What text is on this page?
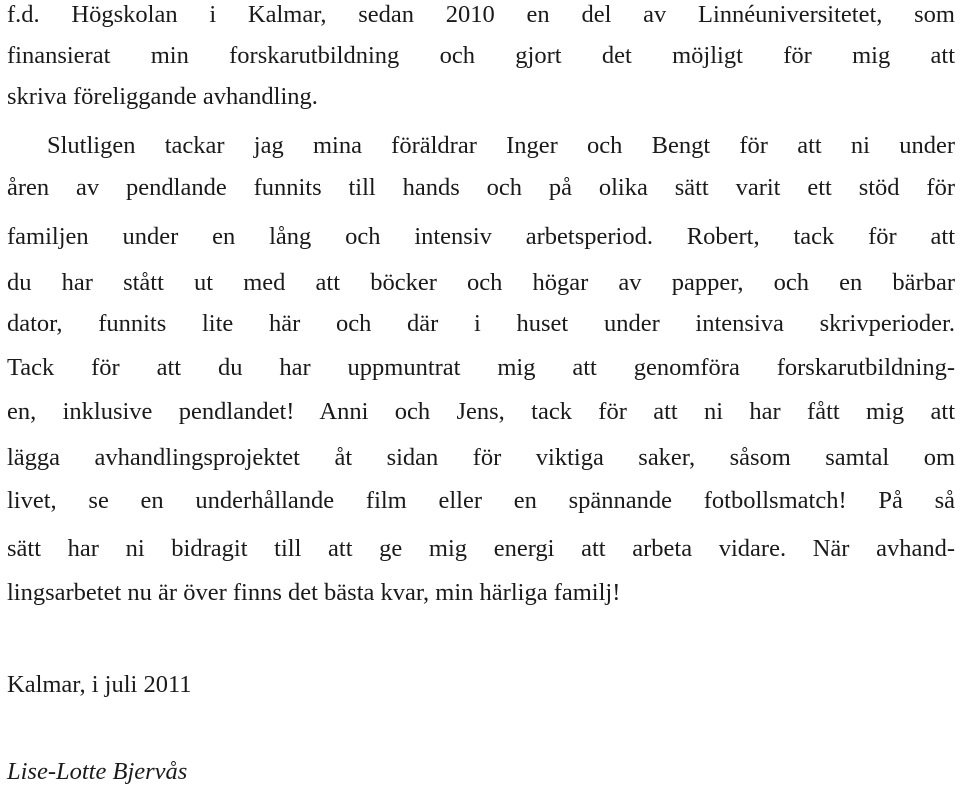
f.d. Högskolan i Kalmar, sedan 2010 en del av Linnéuniversitetet, som
finansierat min forskarutbildning och gjort det möjligt för mig att
skriva föreliggande avhandling.
Slutligen tackar jag mina föräldrar Inger och Bengt för att ni under
åren av pendlande funnits till hands och på olika sätt varit ett stöd för
familjen under en lång och intensiv arbetsperiod. Robert, tack för att
du har stått ut med att böcker och högar av papper, och en bärbar
dator, funnits lite här och där i huset under intensiva skrivperioder.
Tack för att du har uppmuntrat mig att genomföra forskarutbildning-
en, inklusive pendlandet! Anni och Jens, tack för att ni har fått mig att
lägga avhandlingsprojektet åt sidan för viktiga saker, såsom samtal om
livet, se en underhållande film eller en spännande fotbollsmatch! På så
sätt har ni bidragit till att ge mig energi att arbeta vidare. När avhand-
lingsarbetet nu är över finns det bästa kvar, min härliga familj!
Kalmar, i juli 2011
Lise-Lotte Bjervås
